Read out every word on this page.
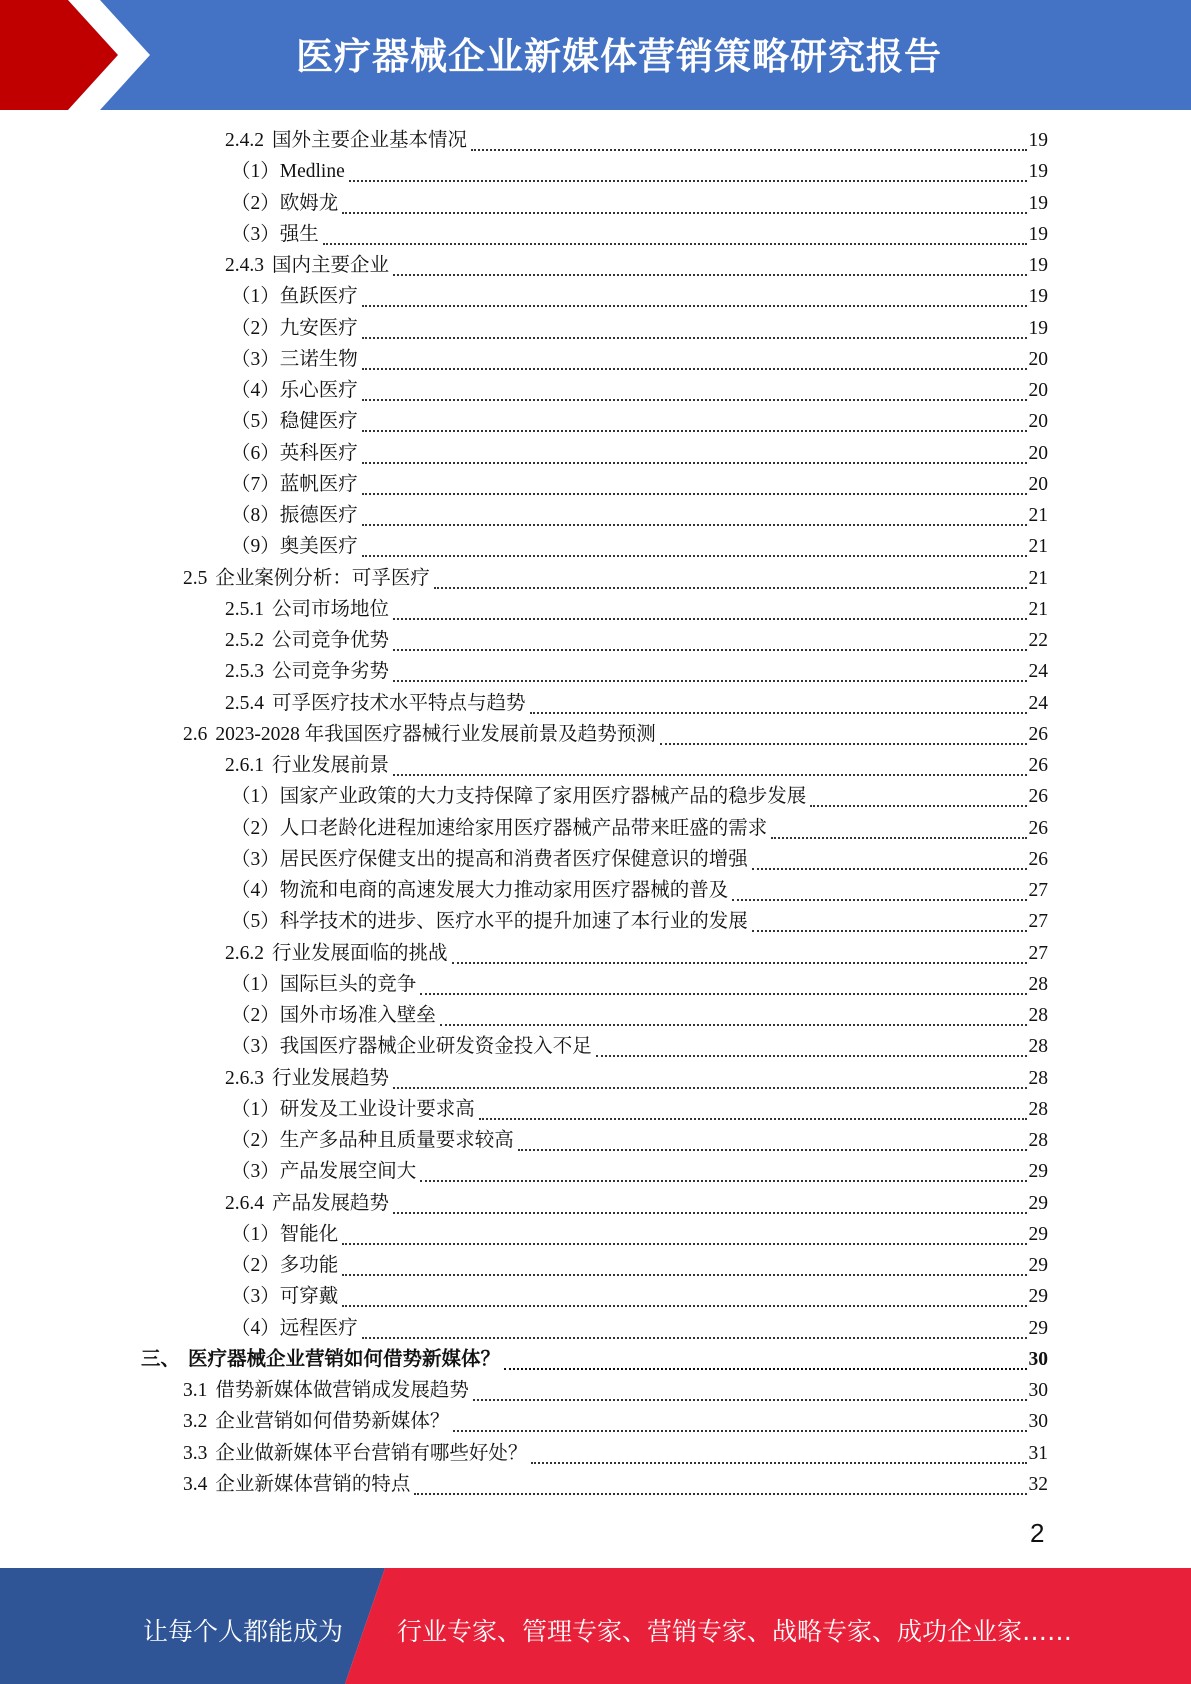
医疗器械企业新媒体营销策略研究报告
2.4.2 国外主要企业基本情况	19
（1） Medline	19
（2） 欧姆龙	19
（3） 强生	19
2.4.3 国内主要企业	19
（1） 鱼跃医疗	19
（2） 九安医疗	19
（3） 三诺生物	20
（4） 乐心医疗	20
（5） 稳健医疗	20
（6） 英科医疗	20
（7） 蓝帆医疗	20
（8） 振德医疗	21
（9） 奥美医疗	21
2.5 企业案例分析：可孚医疗	21
2.5.1 公司市场地位	21
2.5.2 公司竞争优势	22
2.5.3 公司竞争劣势	24
2.5.4 可孚医疗技术水平特点与趋势	24
2.6 2023-2028 年我国医疗器械行业发展前景及趋势预测	26
2.6.1 行业发展前景	26
（1） 国家产业政策的大力支持保障了家用医疗器械产品的稳步发展	26
（2） 人口老龄化进程加速给家用医疗器械产品带来旺盛的需求	26
（3） 居民医疗保健支出的提高和消费者医疗保健意识的增强	26
（4） 物流和电商的高速发展大力推动家用医疗器械的普及	27
（5） 科学技术的进步、医疗水平的提升加速了本行业的发展	27
2.6.2 行业发展面临的挑战	27
（1） 国际巨头的竞争	28
（2） 国外市场准入壁垒	28
（3） 我国医疗器械企业研发资金投入不足	28
2.6.3 行业发展趋势	28
（1） 研发及工业设计要求高	28
（2） 生产多品种且质量要求较高	28
（3） 产品发展空间大	29
2.6.4 产品发展趋势	29
（1） 智能化	29
（2） 多功能	29
（3） 可穿戴	29
（4） 远程医疗	29
三、 医疗器械企业营销如何借势新媒体？	30
3.1 借势新媒体做营销成发展趋势	30
3.2 企业营销如何借势新媒体？	30
3.3 企业做新媒体平台营销有哪些好处？	31
3.4 企业新媒体营销的特点	32
2
让每个人都能成为 行业专家、管理专家、营销专家、战略专家、成功企业家……
